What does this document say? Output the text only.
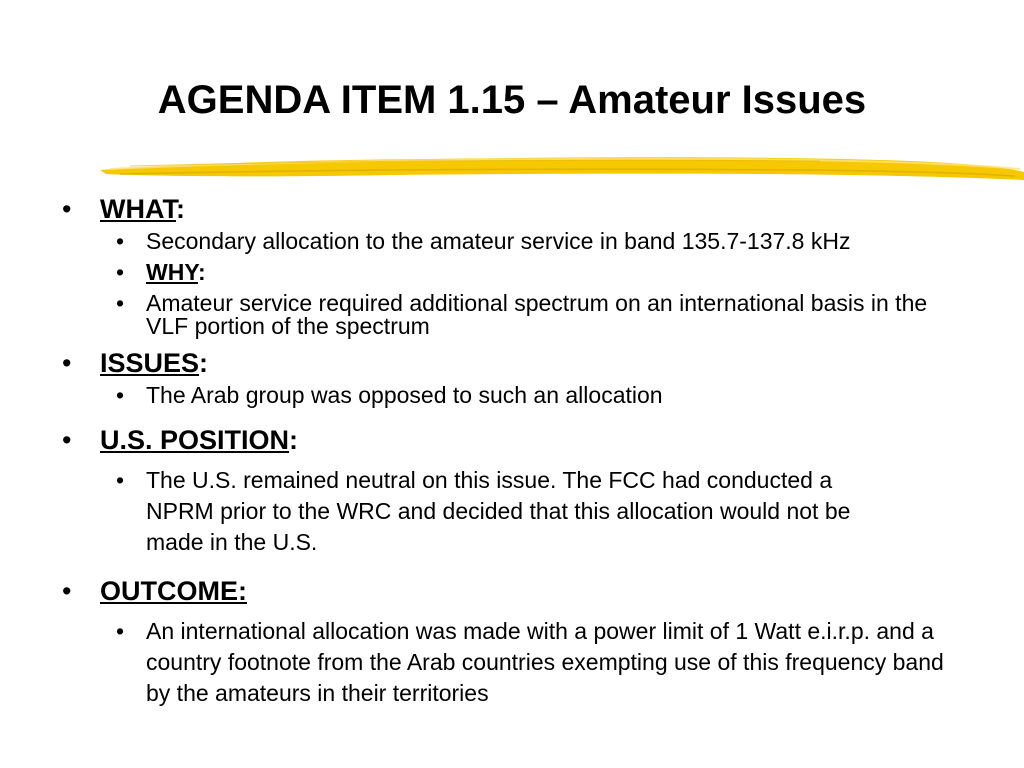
AGENDA ITEM 1.15 – Amateur Issues
•	WHAT:
• Secondary allocation to the amateur service in band 135.7-137.8 kHz
• WHY:
• Amateur service required additional spectrum on an international basis in the VLF portion of the spectrum
•	ISSUES:
• The Arab group was opposed to such an allocation
•	U.S. POSITION:
• The U.S. remained neutral on this issue. The FCC had conducted a NPRM prior to the WRC and decided that this allocation would not be made in the U.S.
•	OUTCOME:
• An international allocation was made with a power limit of 1 Watt e.i.r.p. and a country footnote from the Arab countries exempting use of this frequency band by the amateurs in their territories
